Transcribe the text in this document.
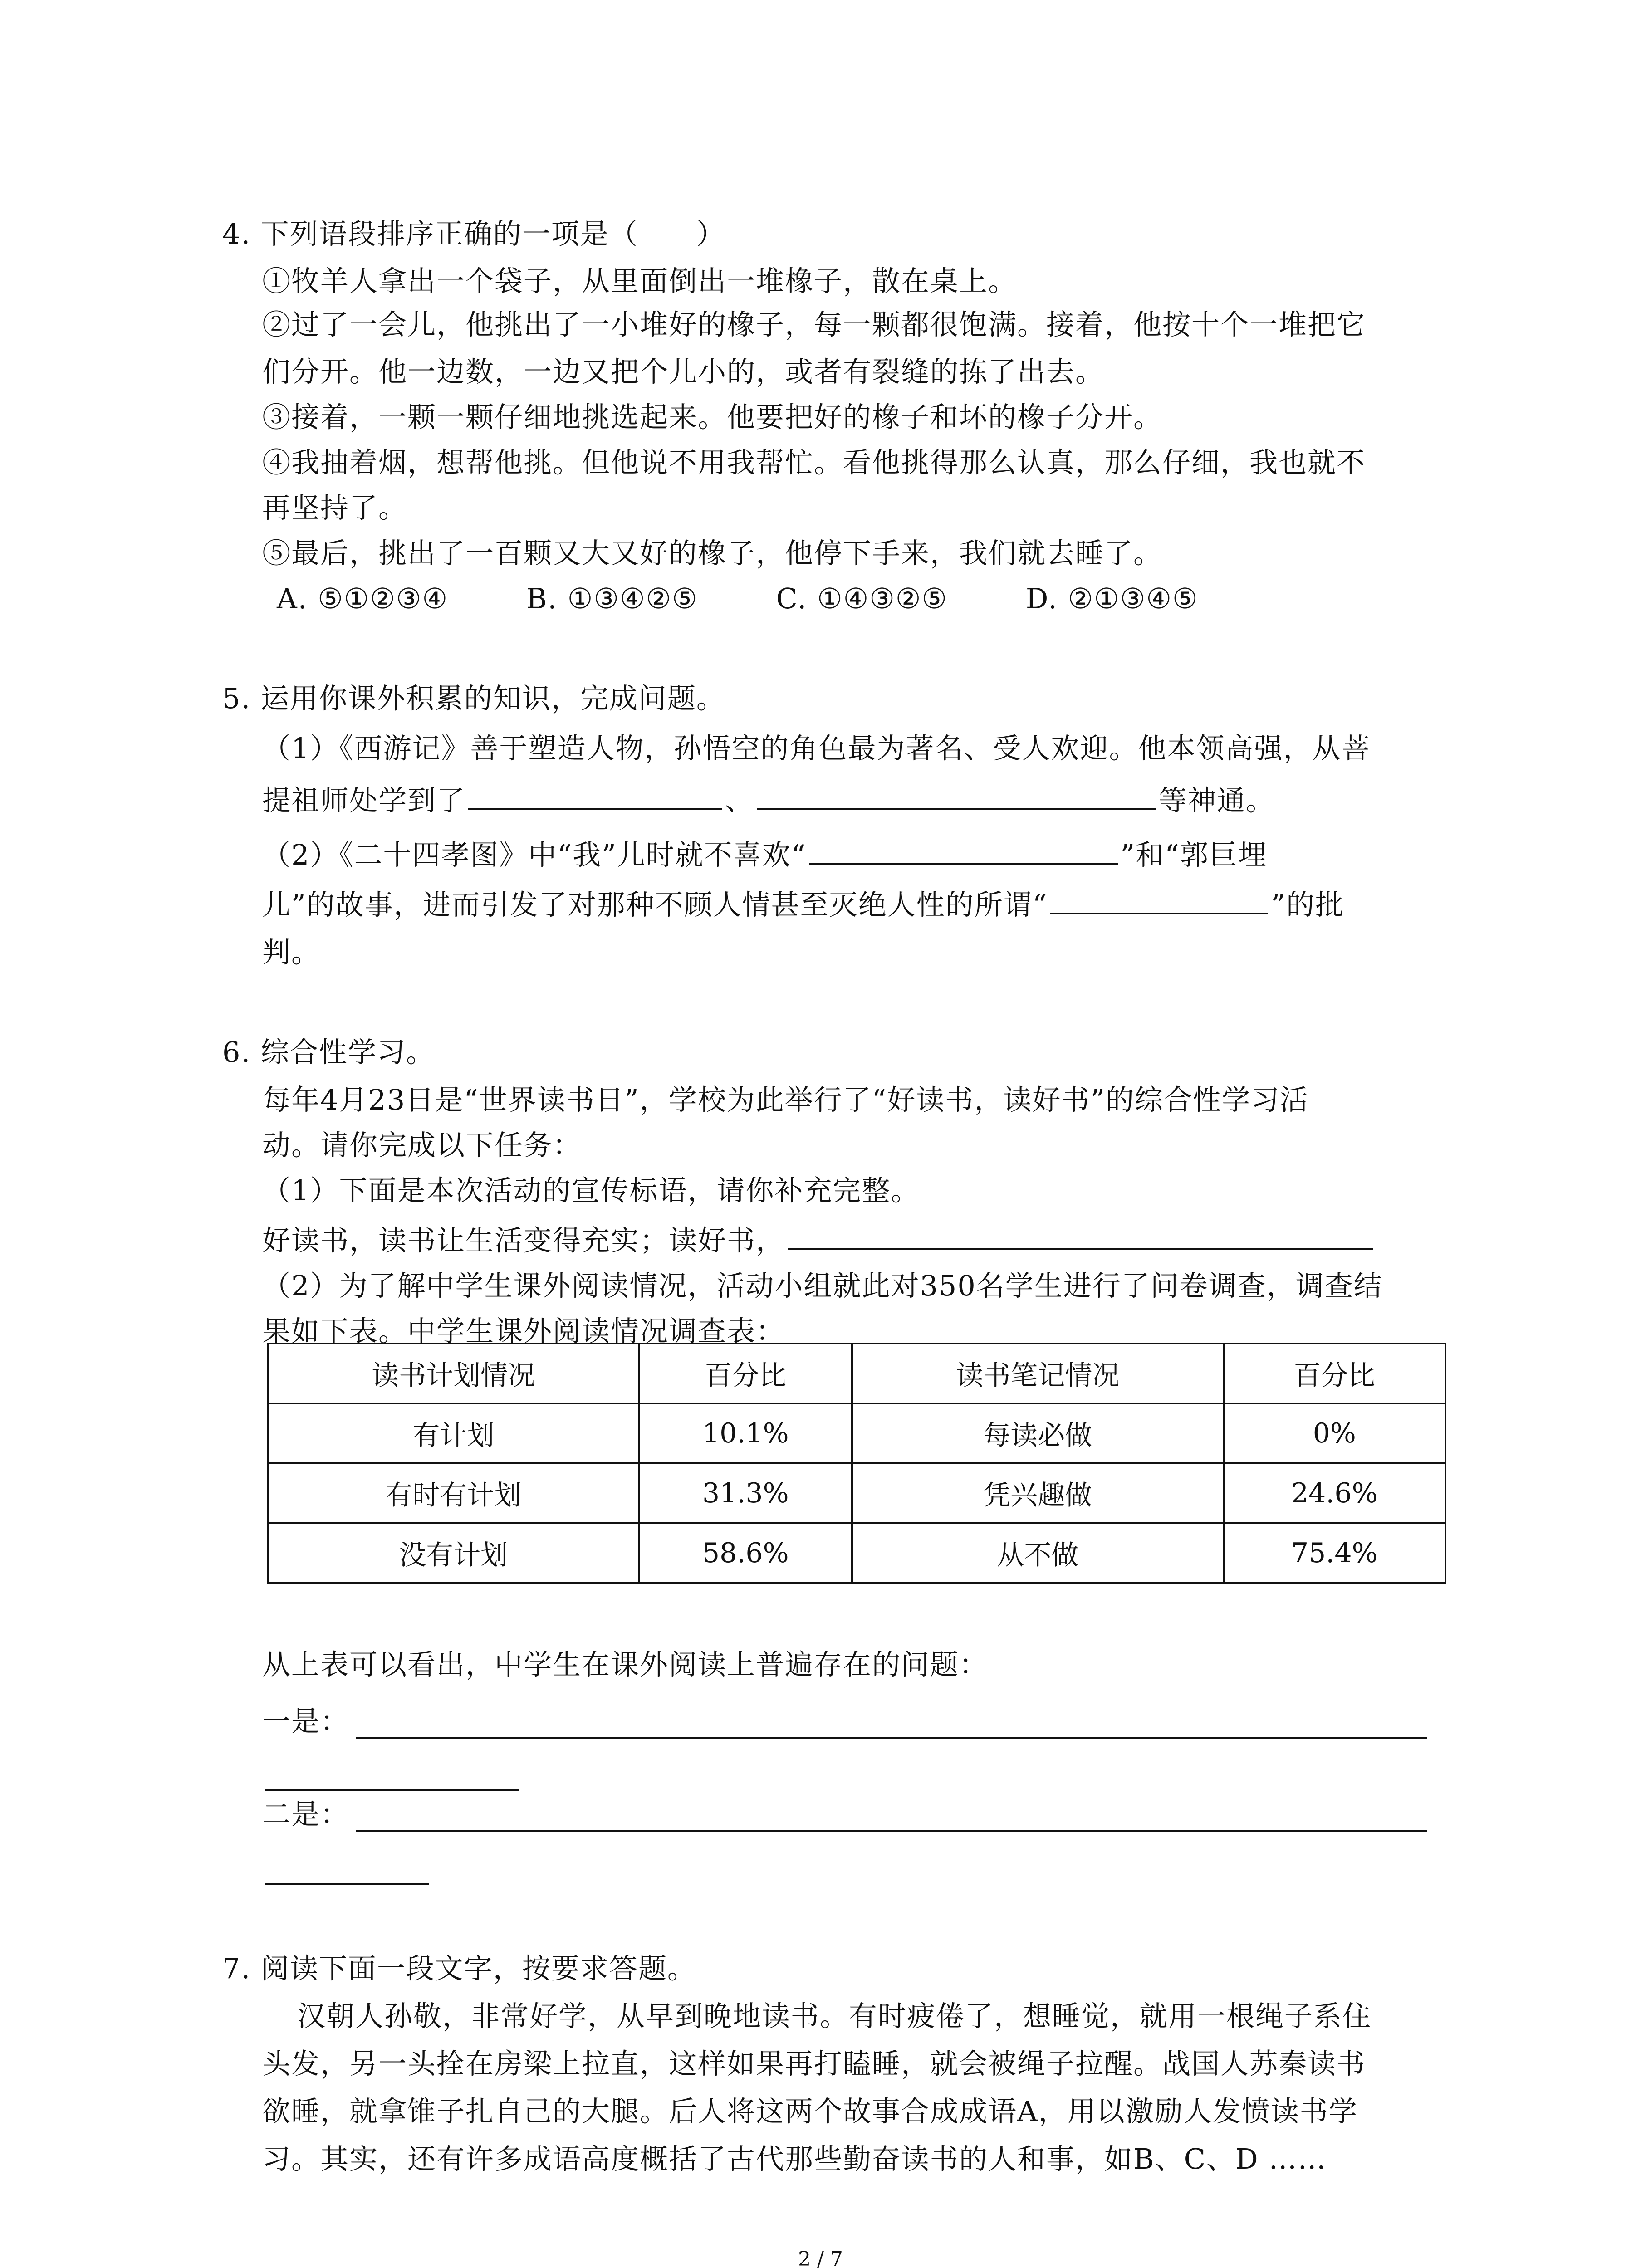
4. 下列语段排序正确的一项是（　　）
①牧羊人拿出一个袋子，从里面倒出一堆橡子，散在桌上。
②过了一会儿，他挑出了一小堆好的橡子，每一颗都很饱满。接着，他按十个一堆把它
们分开。他一边数，一边又把个儿小的，或者有裂缝的拣了出去。
③接着，一颗一颗仔细地挑选起来。他要把好的橡子和坏的橡子分开。
④我抽着烟，想帮他挑。但他说不用我帮忙。看他挑得那么认真，那么仔细，我也就不
再坚持了。
⑤最后，挑出了一百颗又大又好的橡子，他停下手来，我们就去睡了。
A. ⑤①②③④	B. ①③④②⑤	C. ①④③②⑤	D. ②①③④⑤
5. 运用你课外积累的知识，完成问题。
（1）《西游记》善于塑造人物，孙悟空的角色最为著名、受人欢迎。他本领高强，从菩
提祖师处学到了	、	等神通。
（2）《二十四孝图》中“我”儿时就不喜欢“	”和“郭巨埋
儿”的故事，进而引发了对那种不顾人情甚至灭绝人性的所谓“	”的批
判。
6. 综合性学习。
每年4月23日是“世界读书日”，学校为此举行了“好读书，读好书”的综合性学习活
动。请你完成以下任务：
（1）下面是本次活动的宣传标语，请你补充完整。
好读书，读书让生活变得充实；读好书，
（2）为了解中学生课外阅读情况，活动小组就此对350名学生进行了问卷调查，调查结
果如下表。中学生课外阅读情况调查表：
读书计划情况	百分比	读书笔记情况	百分比
有计划	10.1%	每读必做	0%
有时有计划	31.3%	凭兴趣做	24.6%
没有计划	58.6%	从不做	75.4%
从上表可以看出，中学生在课外阅读上普遍存在的问题：
一是：
二是：
7. 阅读下面一段文字，按要求答题。
汉朝人孙敬，非常好学，从早到晚地读书。有时疲倦了，想睡觉，就用一根绳子系住
头发，另一头拴在房梁上拉直，这样如果再打瞌睡，就会被绳子拉醒。战国人苏秦读书
欲睡，就拿锥子扎自己的大腿。后人将这两个故事合成成语A，用以激励人发愤读书学
习。其实，还有许多成语高度概括了古代那些勤奋读书的人和事，如B、C、D ……
2 / 7
